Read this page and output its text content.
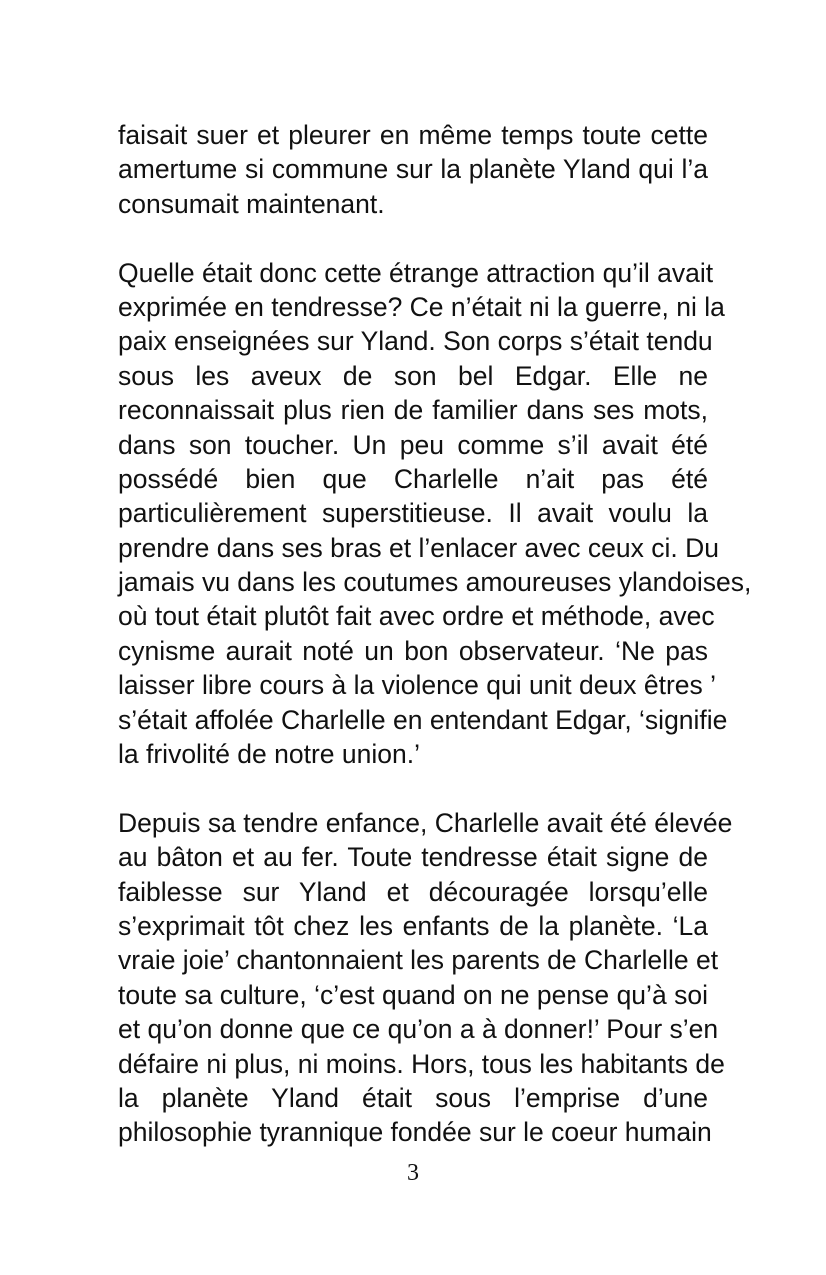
faisait suer et pleurer en même temps toute cette
amertume si commune sur la planète Yland qui l’a
consumait maintenant.
Quelle était donc cette étrange attraction qu’il avait
exprimée en tendresse? Ce n’était ni la guerre, ni la
paix enseignées sur Yland. Son corps s’était tendu
sous les aveux de son bel Edgar. Elle ne
reconnaissait plus rien de familier dans ses mots,
dans son toucher. Un peu comme s’il avait été
possédé bien que Charlelle n’ait pas été
particulièrement superstitieuse. Il avait voulu la
prendre dans ses bras et l’enlacer avec ceux ci. Du
jamais vu dans les coutumes amoureuses ylandoises,
où tout était plutôt fait avec ordre et méthode, avec
cynisme aurait noté un bon observateur. ‘Ne pas
laisser libre cours à la violence qui unit deux êtres ’
s’était affolée Charlelle en entendant Edgar, ‘signifie
la frivolité de notre union.’
Depuis sa tendre enfance, Charlelle avait été élevée
au bâton et au fer. Toute tendresse était signe de
faiblesse sur Yland et découragée lorsqu’elle
s’exprimait tôt chez les enfants de la planète. ‘La
vraie joie’ chantonnaient les parents de Charlelle et
toute sa culture, ‘c’est quand on ne pense qu’à soi
et qu’on donne que ce qu’on a à donner!’ Pour s’en
défaire ni plus, ni moins. Hors, tous les habitants de
la planète Yland était sous l’emprise d’une
philosophie tyrannique fondée sur le coeur humain
3
